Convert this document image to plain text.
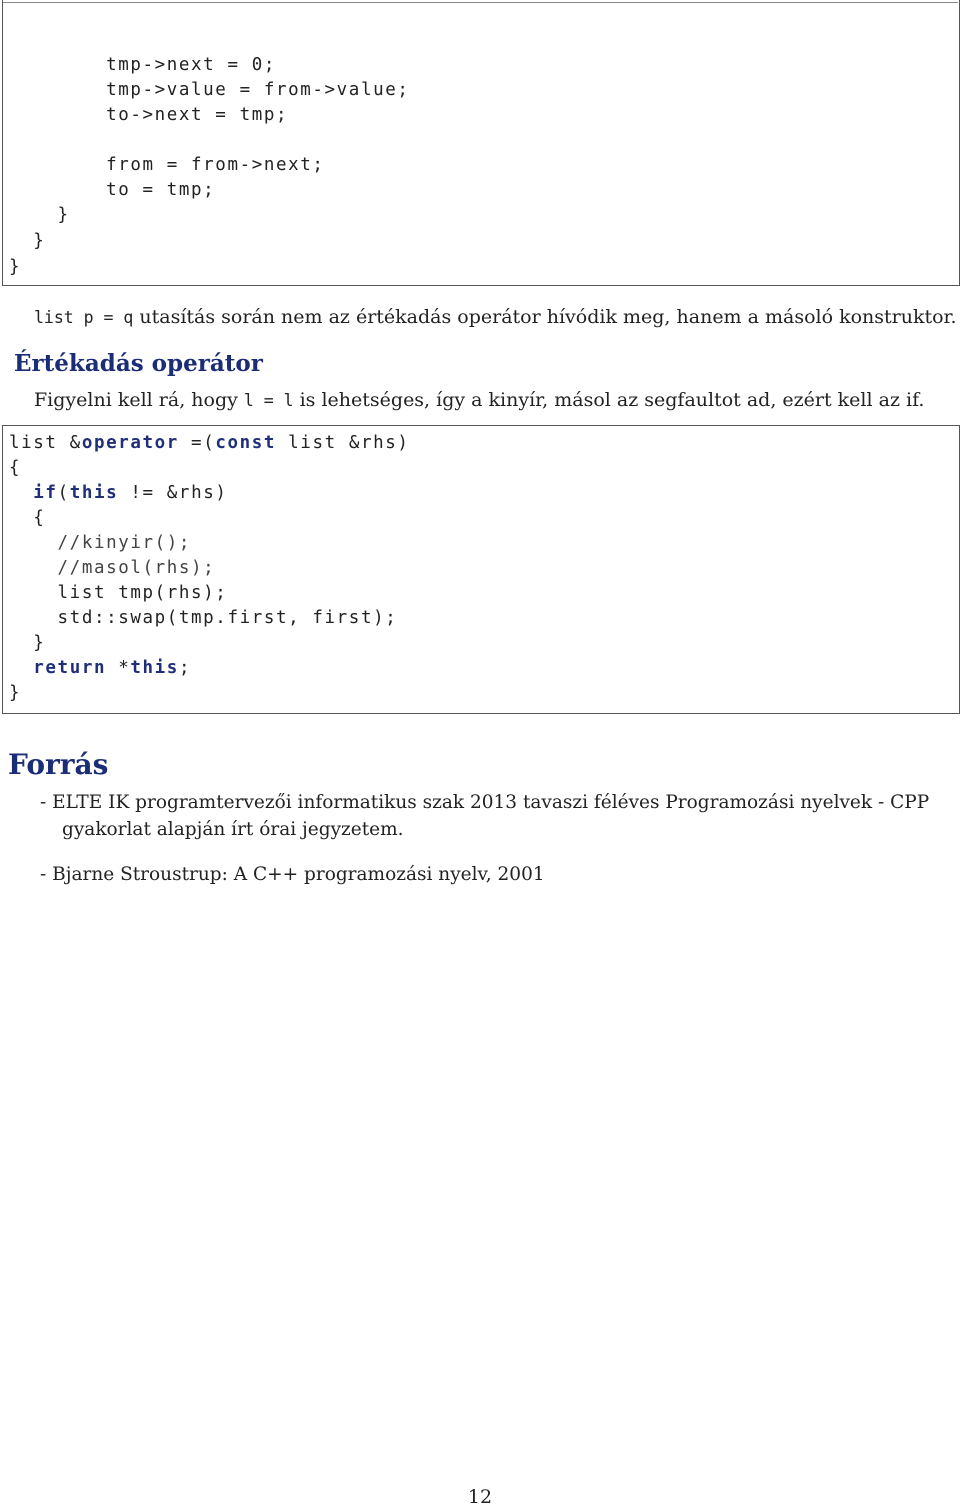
tmp->next = 0;
tmp->value = from->value;
to->next = tmp;
from = from->next;
to = tmp;
}
}
}
list p = q utasítás során nem az értékadás operátor hívódik meg, hanem a másoló konstruktor.
Értékadás operátor
Figyelni kell rá, hogy l = l is lehetséges, így a kinyír, másol az segfaultot ad, ezért kell az if.
list &operator =(const list &rhs)
{
if(this != &rhs)
{
//kinyir();
//masol(rhs);
list tmp(rhs);
std::swap(tmp.first, first);
}
return *this;
}
Forrás
- ELTE IK programtervezői informatikus szak 2013 tavaszi féléves Programozási nyelvek - CPP
gyakorlat alapján írt órai jegyzetem.
- Bjarne Stroustrup: A C++ programozási nyelv, 2001
12
